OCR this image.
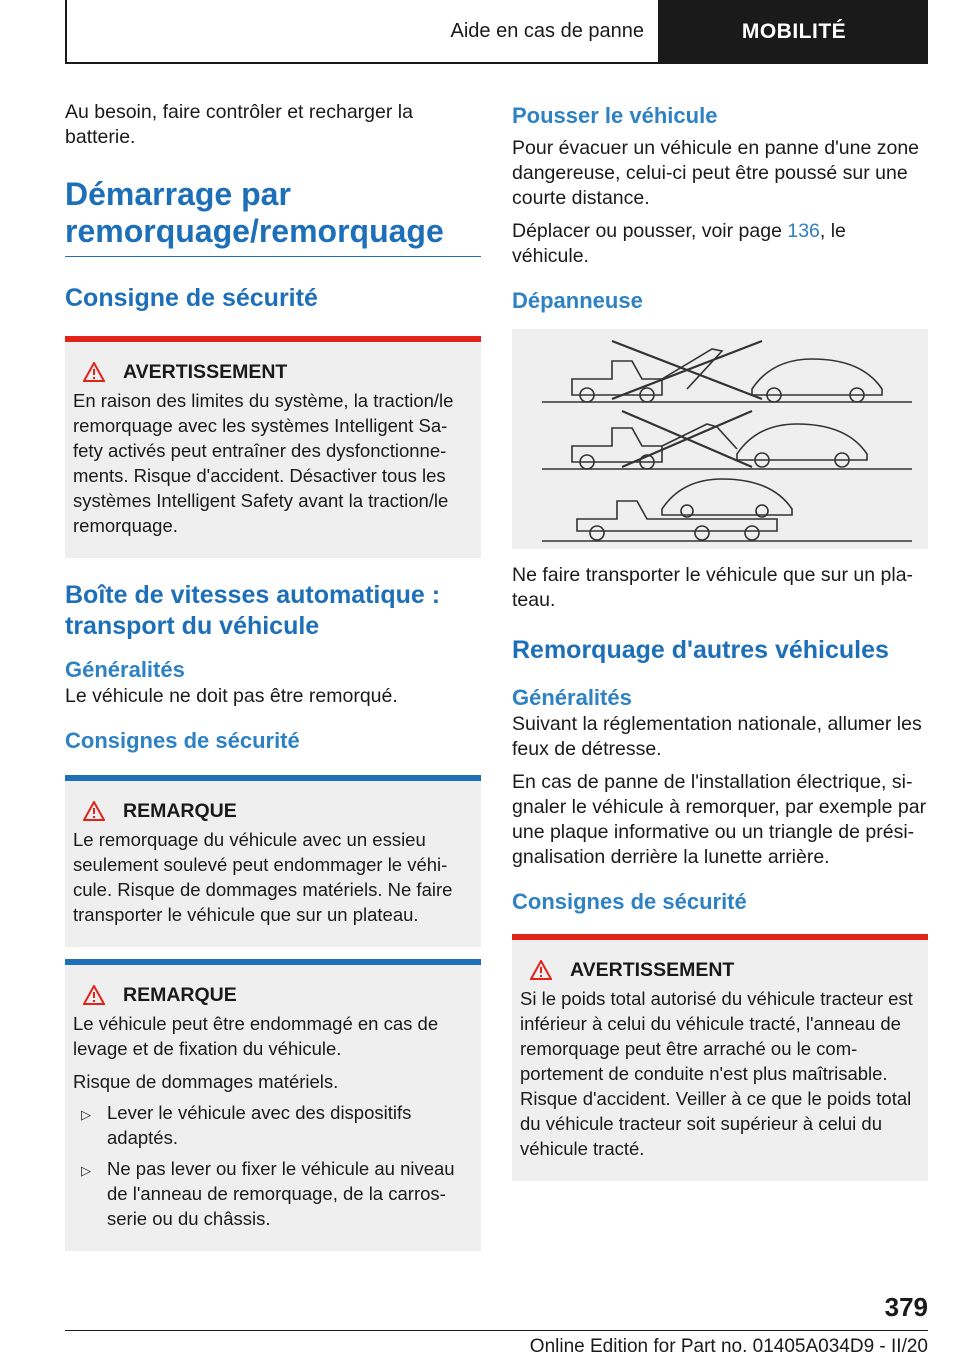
Aide en cas de panne	MOBILITÉ

Au besoin, faire contrôler et recharger la batterie.

Démarrage par remorquage/remorquage
Consigne de sécurité
AVERTISSEMENT

En raison des limites du système, la traction/le remorquage avec les systèmes Intelligent Sa-fety activés peut entraîner des dysfonctionne-ments. Risque d'accident. Désactiver tous les systèmes Intelligent Safety avant la traction/le remorquage.

Boîte de vitesses automatique : transport du véhicule
Généralités

Le véhicule ne doit pas être remorqué.

Consignes de sécurité
REMARQUE

Le remorquage du véhicule avec un essieu seulement soulevé peut endommager le véhi-cule. Risque de dommages matériels. Ne faire transporter le véhicule que sur un plateau.

REMARQUE

Le véhicule peut être endommagé en cas de levage et de fixation du véhicule.

Risque de dommages matériels.

▷ Lever le véhicule avec des dispositifs adaptés.
▷ Ne pas lever ou fixer le véhicule au niveau de l'anneau de remorquage, de la carros-serie ou du châssis.
Pousser le véhicule

Pour évacuer un véhicule en panne d'une zone dangereuse, celui-ci peut être poussé sur une courte distance.

Déplacer ou pousser, voir page 136, le véhicule.

Dépanneuse

Ne faire transporter le véhicule que sur un pla-teau.

Remorquage d'autres véhicules
Généralités

Suivant la réglementation nationale, allumer les feux de détresse.

En cas de panne de l'installation électrique, si-gnaler le véhicule à remorquer, par exemple par une plaque informative ou un triangle de prési-gnalisation derrière la lunette arrière.

Consignes de sécurité
AVERTISSEMENT

Si le poids total autorisé du véhicule tracteur est inférieur à celui du véhicule tracté, l'anneau de remorquage peut être arraché ou le com-portement de conduite n'est plus maîtrisable. Risque d'accident. Veiller à ce que le poids total du véhicule tracteur soit supérieur à celui du véhicule tracté.

379
Online Edition for Part no. 01405A034D9 - II/20
